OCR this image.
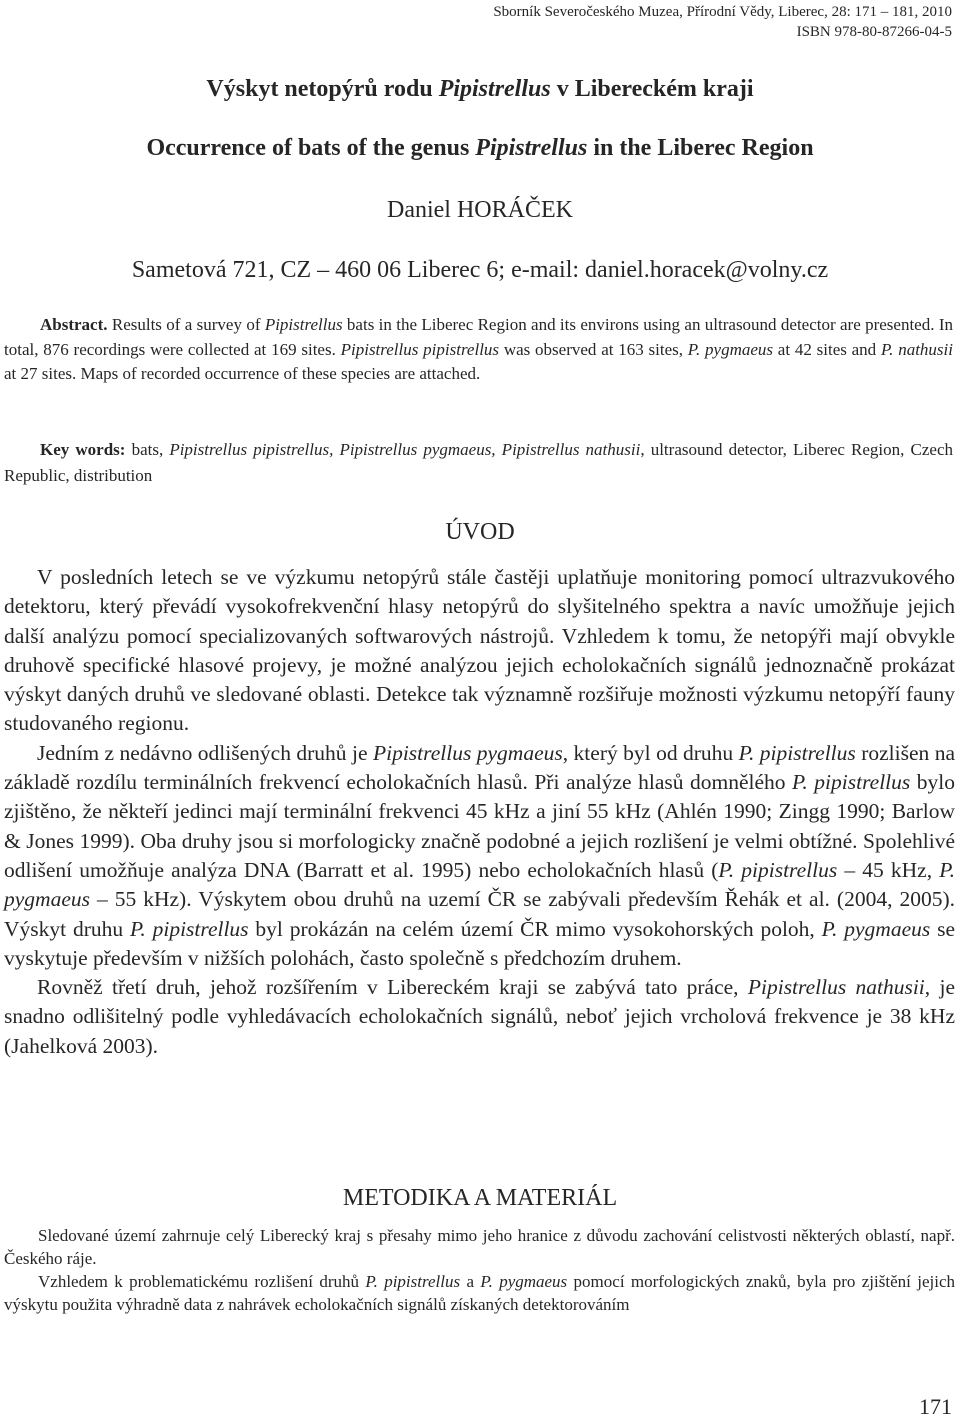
Sborník Severočeského Muzea, Přírodní Vědy, Liberec, 28: 171 – 181, 2010
ISBN 978-80-87266-04-5
Výskyt netopýrů rodu Pipistrellus v Libereckém kraji
Occurrence of bats of the genus Pipistrellus in the Liberec Region
Daniel HORÁČEK
Sametová 721, CZ – 460 06 Liberec 6; e-mail: daniel.horacek@volny.cz
Abstract. Results of a survey of Pipistrellus bats in the Liberec Region and its environs using an ultrasound detector are presented. In total, 876 recordings were collected at 169 sites. Pipistrellus pipistrellus was observed at 163 sites, P. pygmaeus at 42 sites and P. nathusii at 27 sites. Maps of recorded occurrence of these species are attached.
Key words: bats, Pipistrellus pipistrellus, Pipistrellus pygmaeus, Pipistrellus nathusii, ultrasound detector, Liberec Region, Czech Republic, distribution
ÚVOD

V posledních letech se ve výzkumu netopýrů stále častěji uplatňuje monitoring pomocí ultrazvukového detektoru, který převádí vysokofrekvenční hlasy netopýrů do slyšitelného spektra a navíc umožňuje jejich další analýzu pomocí specializovaných softwarových nástrojů. Vzhledem k tomu, že netopýři mají obvykle druhově specifické hlasové projevy, je možné analýzou jejich echolokačních signálů jednoznačně prokázat výskyt daných druhů ve sledované oblasti. Detekce tak významně rozšiřuje možnosti výzkumu netopýří fauny studovaného regionu.

Jedním z nedávno odlišených druhů je Pipistrellus pygmaeus, který byl od druhu P. pipistrellus rozlišen na základě rozdílu terminálních frekvencí echolokačních hlasů. Při analýze hlasů domnělého P. pipistrellus bylo zjištěno, že někteří jedinci mají terminální frekvenci 45 kHz a jiní 55 kHz (Ahlén 1990; Zingg 1990; Barlow & Jones 1999). Oba druhy jsou si morfologicky značně podobné a jejich rozlišení je velmi obtížné. Spolehlivé odlišení umožňuje analýza DNA (Barratt et al. 1995) nebo echolokačních hlasů (P. pipistrellus – 45 kHz, P. pygmaeus – 55 kHz). Výskytem obou druhů na uzemí ČR se zabývali především Řehák et al. (2004, 2005). Výskyt druhu P. pipistrellus byl prokázán na celém území ČR mimo vysokohorských poloh, P. pygmaeus se vyskytuje především v nižších polohách, často společně s předchozím druhem.

Rovněž třetí druh, jehož rozšířením v Libereckém kraji se zabývá tato práce, Pipistrellus nathusii, je snadno odlišitelný podle vyhledávacích echolokačních signálů, neboť jejich vrcholová frekvence je 38 kHz (Jahelková 2003).

METODIKA A MATERIÁL

Sledované území zahrnuje celý Liberecký kraj s přesahy mimo jeho hranice z důvodu zachování celistvosti některých oblastí, např. Českého ráje.

Vzhledem k problematickému rozlišení druhů P. pipistrellus a P. pygmaeus pomocí morfologických znaků, byla pro zjištění jejich výskytu použita výhradně data z nahrávek echolokačních signálů získaných detektorováním

171
